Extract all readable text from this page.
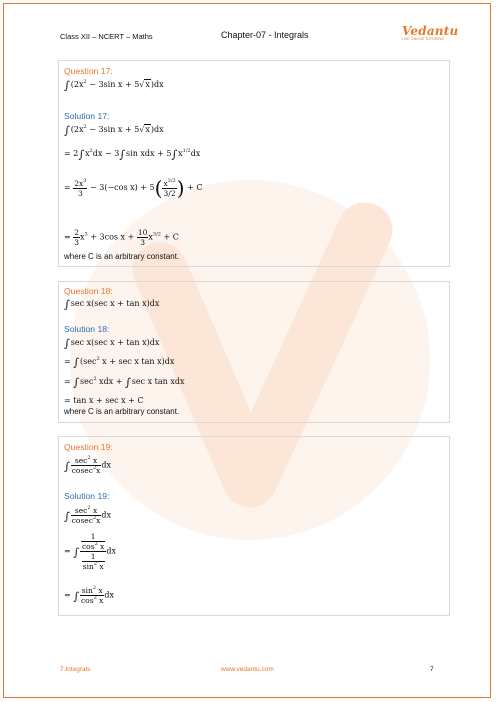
Class XII – NCERT – Maths	Chapter-07 - Integrals	Vedantu
LIVE ONLINE TUTORING
Question 17:
$\int(2x^2 - 3\sin$ x + 5√x)dx
Solution 17:
$\int(2x^2 - 3\sin$ x + 5√x)dx
= $2\int x^2dx - 3\int\sin$ xdx + $5\int x^{1/2}dx$
= $\frac{2x^3}{3} - 3(-\cos$ $x) + 5( \frac{x^{3/2}}{3/2}$ ) + C
= $\frac{2}{3} x^3 + 3\cos$ $x + \frac{10}{3} x^{3/2} + C$
where C is an arbitrary constant.
Question 18:
∫sec x(sec x + tan x)dx
Solution 18:
∫sec x(sec x + tan x)dx
= $\int(\sec^2$ x + sec x tan x)dx
= $\int\sec^2$ xdx + ∫sec x tan xdx
= tan x + sec x + C
where C is an arbitrary constant.
Question 19:
∫ $\frac{\sec^2 x}{cosec^2x}$ dx
Solution 19:
∫ $\frac{\sec^2 x}{cosec^2x}$ dx
= ∫ $\frac{\frac{1}{\cos^2 x}}{\frac{1}{\sin^2 x}}$ dx
= ∫ $\frac{\sin^2 x}{\cos^2 x}$ dx
7.Integrals	www.vedantu.com	7
